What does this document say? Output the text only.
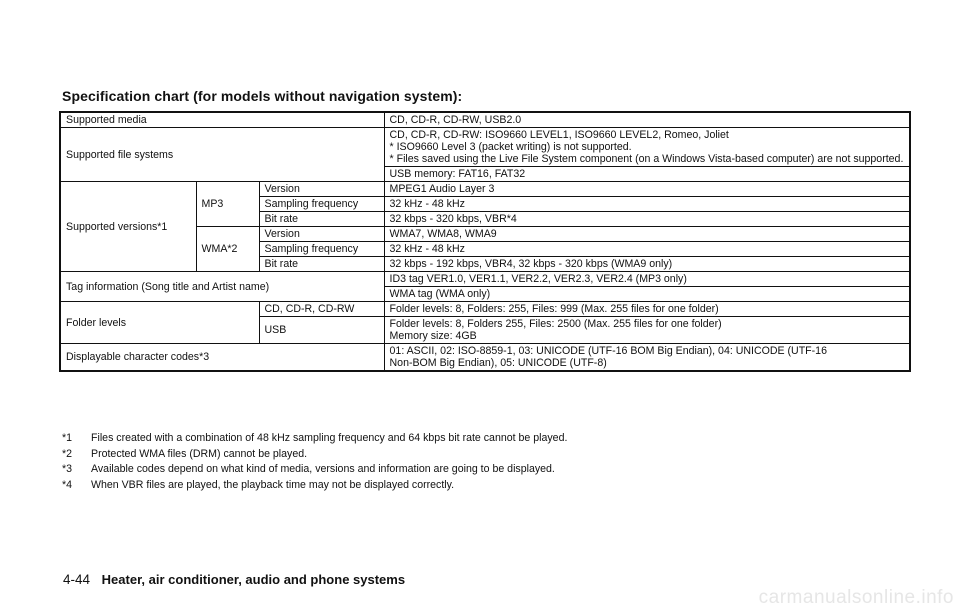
Specification chart (for models without navigation system):
Supported media			CD, CD-R, CD-RW, USB2.0
Supported file systems			CD, CD-R, CD-RW: ISO9660 LEVEL1, ISO9660 LEVEL2, Romeo, Joliet
* ISO9660 Level 3 (packet writing) is not supported.
* Files saved using the Live File System component (on a Windows Vista-based computer) are not supported.

			USB memory: FAT16, FAT32
Supported versions*1	MP3	Version	MPEG1 Audio Layer 3
		Sampling frequency	32 kHz - 48 kHz
		Bit rate	32 kbps - 320 kbps, VBR*4
	WMA*2	Version	WMA7, WMA8, WMA9
		Sampling frequency	32 kHz - 48 kHz
		Bit rate	32 kbps - 192 kbps, VBR4, 32 kbps - 320 kbps (WMA9 only)
Tag information (Song title and Artist name)			ID3 tag VER1.0, VER1.1, VER2.2, VER2.3, VER2.4 (MP3 only)
			WMA tag (WMA only)
Folder levels		CD, CD-R, CD-RW	Folder levels: 8, Folders: 255, Files: 999 (Max. 255 files for one folder)
		USB	Folder levels: 8, Folders 255, Files: 2500 (Max. 255 files for one folder)
Memory size: 4GB

Displayable character codes*3			01: ASCII, 02: ISO-8859-1, 03: UNICODE (UTF-16 BOM Big Endian), 04: UNICODE (UTF-16
Non-BOM Big Endian), 05: UNICODE (UTF-8)
*1	Files created with a combination of 48 kHz sampling frequency and 64 kbps bit rate cannot be played.
*2	Protected WMA files (DRM) cannot be played.
*3	Available codes depend on what kind of media, versions and information are going to be displayed.
*4	When VBR files are played, the playback time may not be displayed correctly.
4-44 Heater, air conditioner, audio and phone systems
carmanualsonline.info
